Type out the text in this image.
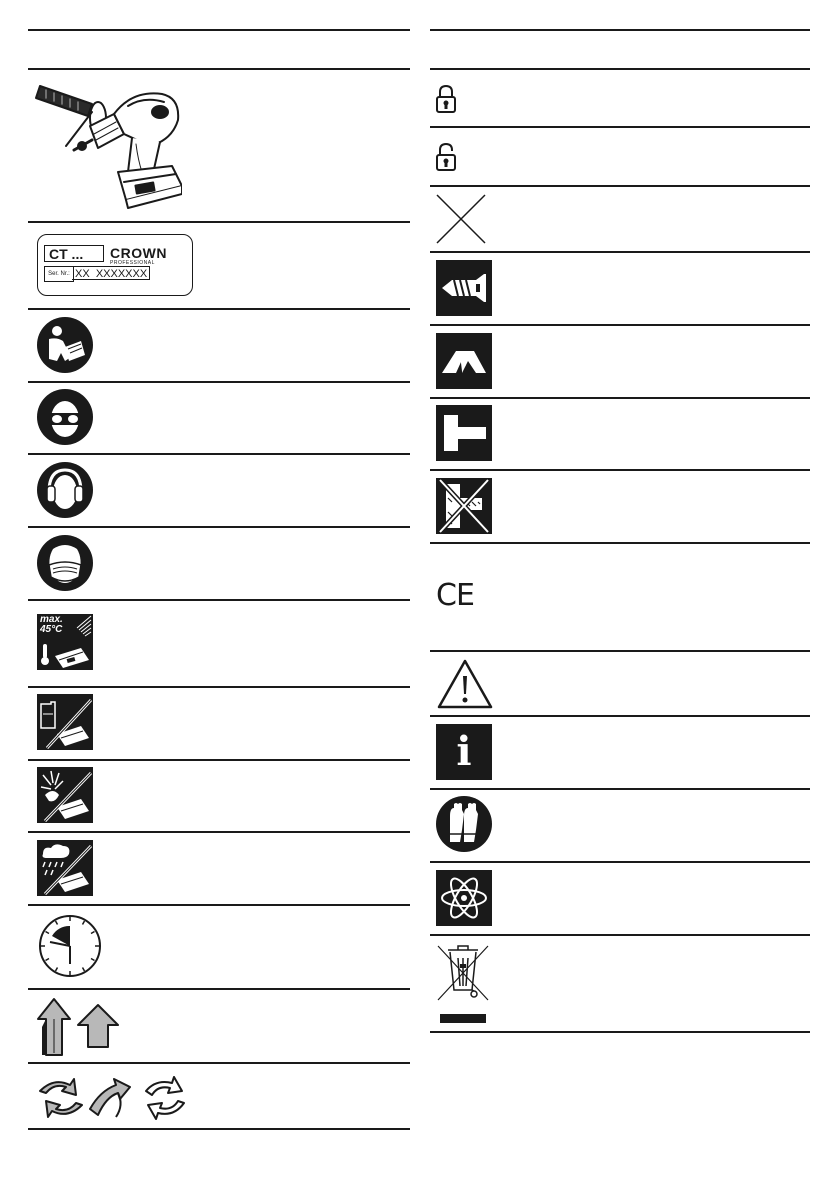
CT ...	CROWN
PROFESSIONAL
Ser. Nr.: XX XXXXXXX
max.
45°C
CE
i
